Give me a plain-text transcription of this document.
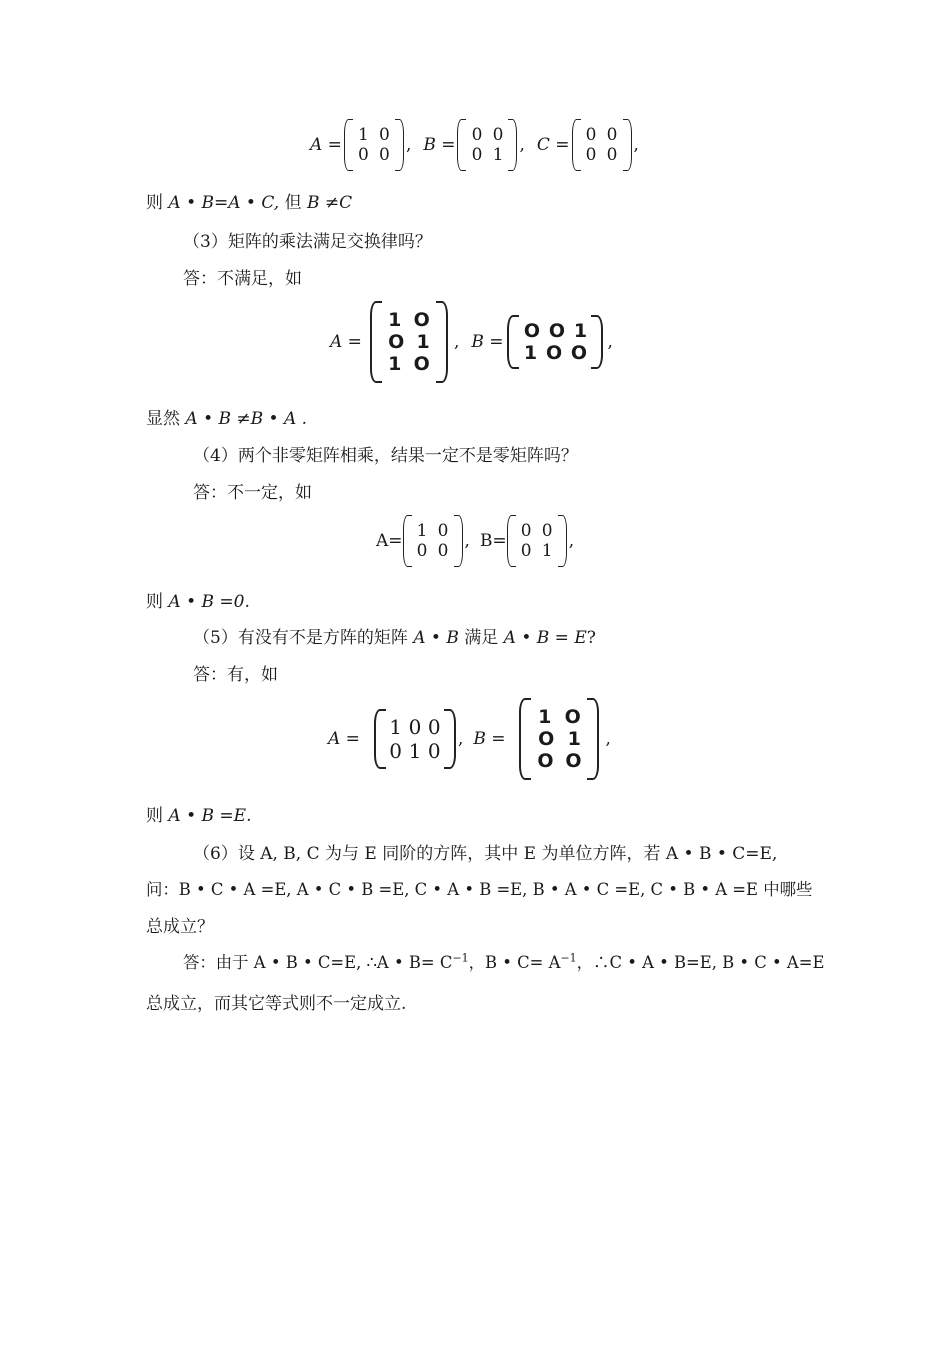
A = 1 0
0 0 , B = 0 0
0 1 , C = 0 0
0 0 ,
则 A • B=A • C, 但 B ≠C
（3）矩阵的乘法满足交换律吗？
答：不满足，如
A =
1 O
O 1
1 O
, B = O O 1
1 O O ,
显然 A • B ≠B • A .
（4）两个非零矩阵相乘，结果一定不是零矩阵吗？
答：不一定，如
A= 1 0
0 0 , B= 0 0
0 1 ,
则 A • B =0.
（5）有没有不是方阵的矩阵 A • B 满足 A • B = E?
答：有，如
A = 1 0 0
0 1 0 , B =
1 O
O 1
O O
,
则 A • B =E.
（6）设 A, B, C 为与 E 同阶的方阵，其中 E 为单位方阵，若 A • B • C=E,
问：B • C • A =E, A • C • B =E, C • A • B =E, B • A • C =E, C • B • A =E 中哪些
总成立？
答：由于 A • B • C=E, ∴A • $B= C^{-1}$，B • $C= A^{-1}$，∴C • A • B=E, B • C • A=E
总成立，而其它等式则不一定成立.
